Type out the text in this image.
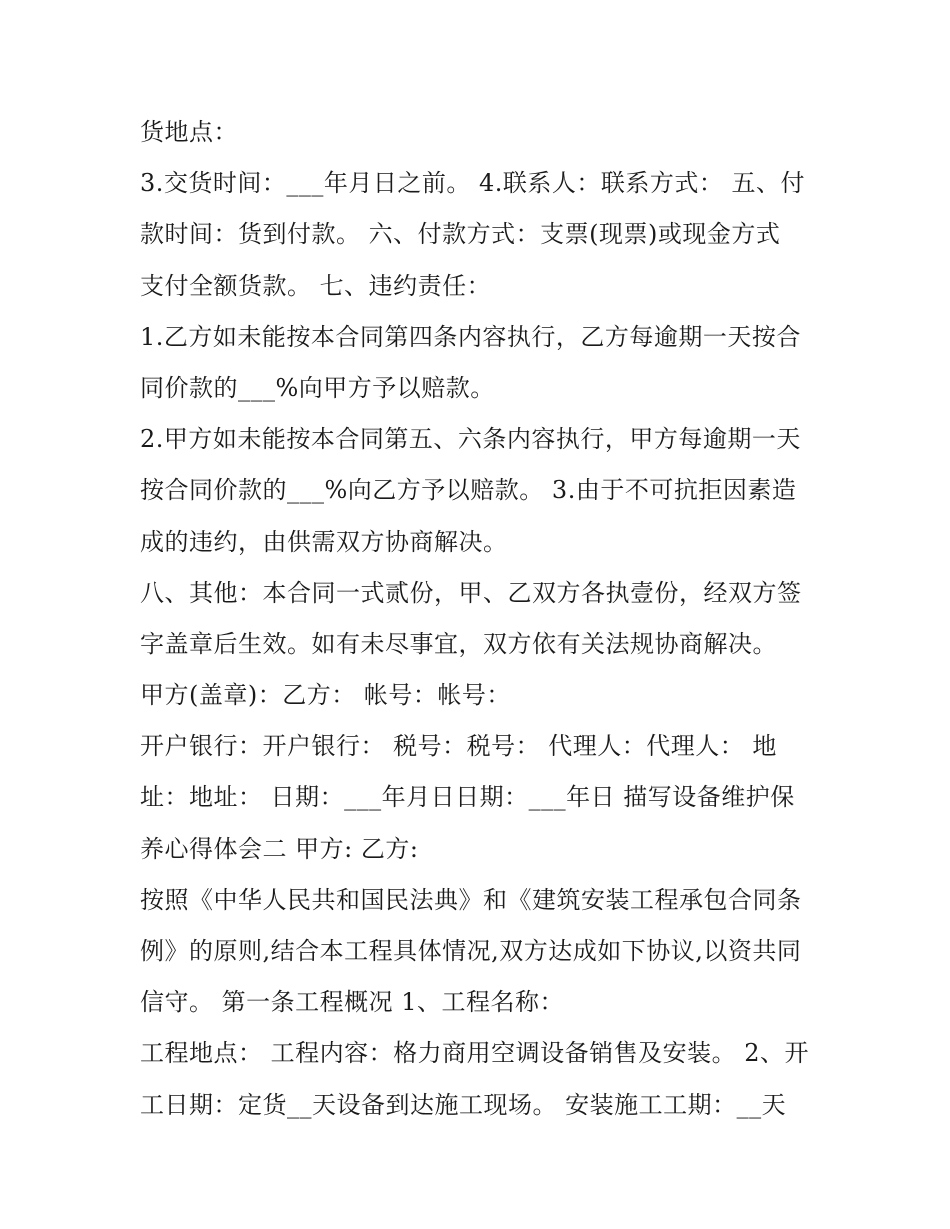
货地点：
3.交货时间：___年月日之前。 4.联系人：联系方式： 五、付
款时间：货到付款。 六、付款方式：支票(现票)或现金方式
支付全额货款。 七、违约责任：
1.乙方如未能按本合同第四条内容执行，乙方每逾期一天按合
同价款的___%向甲方予以赔款。
2.甲方如未能按本合同第五、六条内容执行，甲方每逾期一天
按合同价款的___%向乙方予以赔款。 3.由于不可抗拒因素造
成的违约，由供需双方协商解决。
八、其他：本合同一式贰份，甲、乙双方各执壹份，经双方签
字盖章后生效。如有未尽事宜，双方依有关法规协商解决。
甲方(盖章)：乙方： 帐号：帐号：
开户银行：开户银行： 税号：税号： 代理人：代理人： 地
址：地址： 日期：___年月日日期：___年日 描写设备维护保
养心得体会二 甲方: 乙方:
按照《中华人民共和国民法典》和《建筑安装工程承包合同条
例》的原则,结合本工程具体情况,双方达成如下协议,以资共同
信守。 第一条工程概况 1、工程名称：
工程地点： 工程内容：格力商用空调设备销售及安装。 2、开
工日期：定货__天设备到达施工现场。 安装施工工期：__天
